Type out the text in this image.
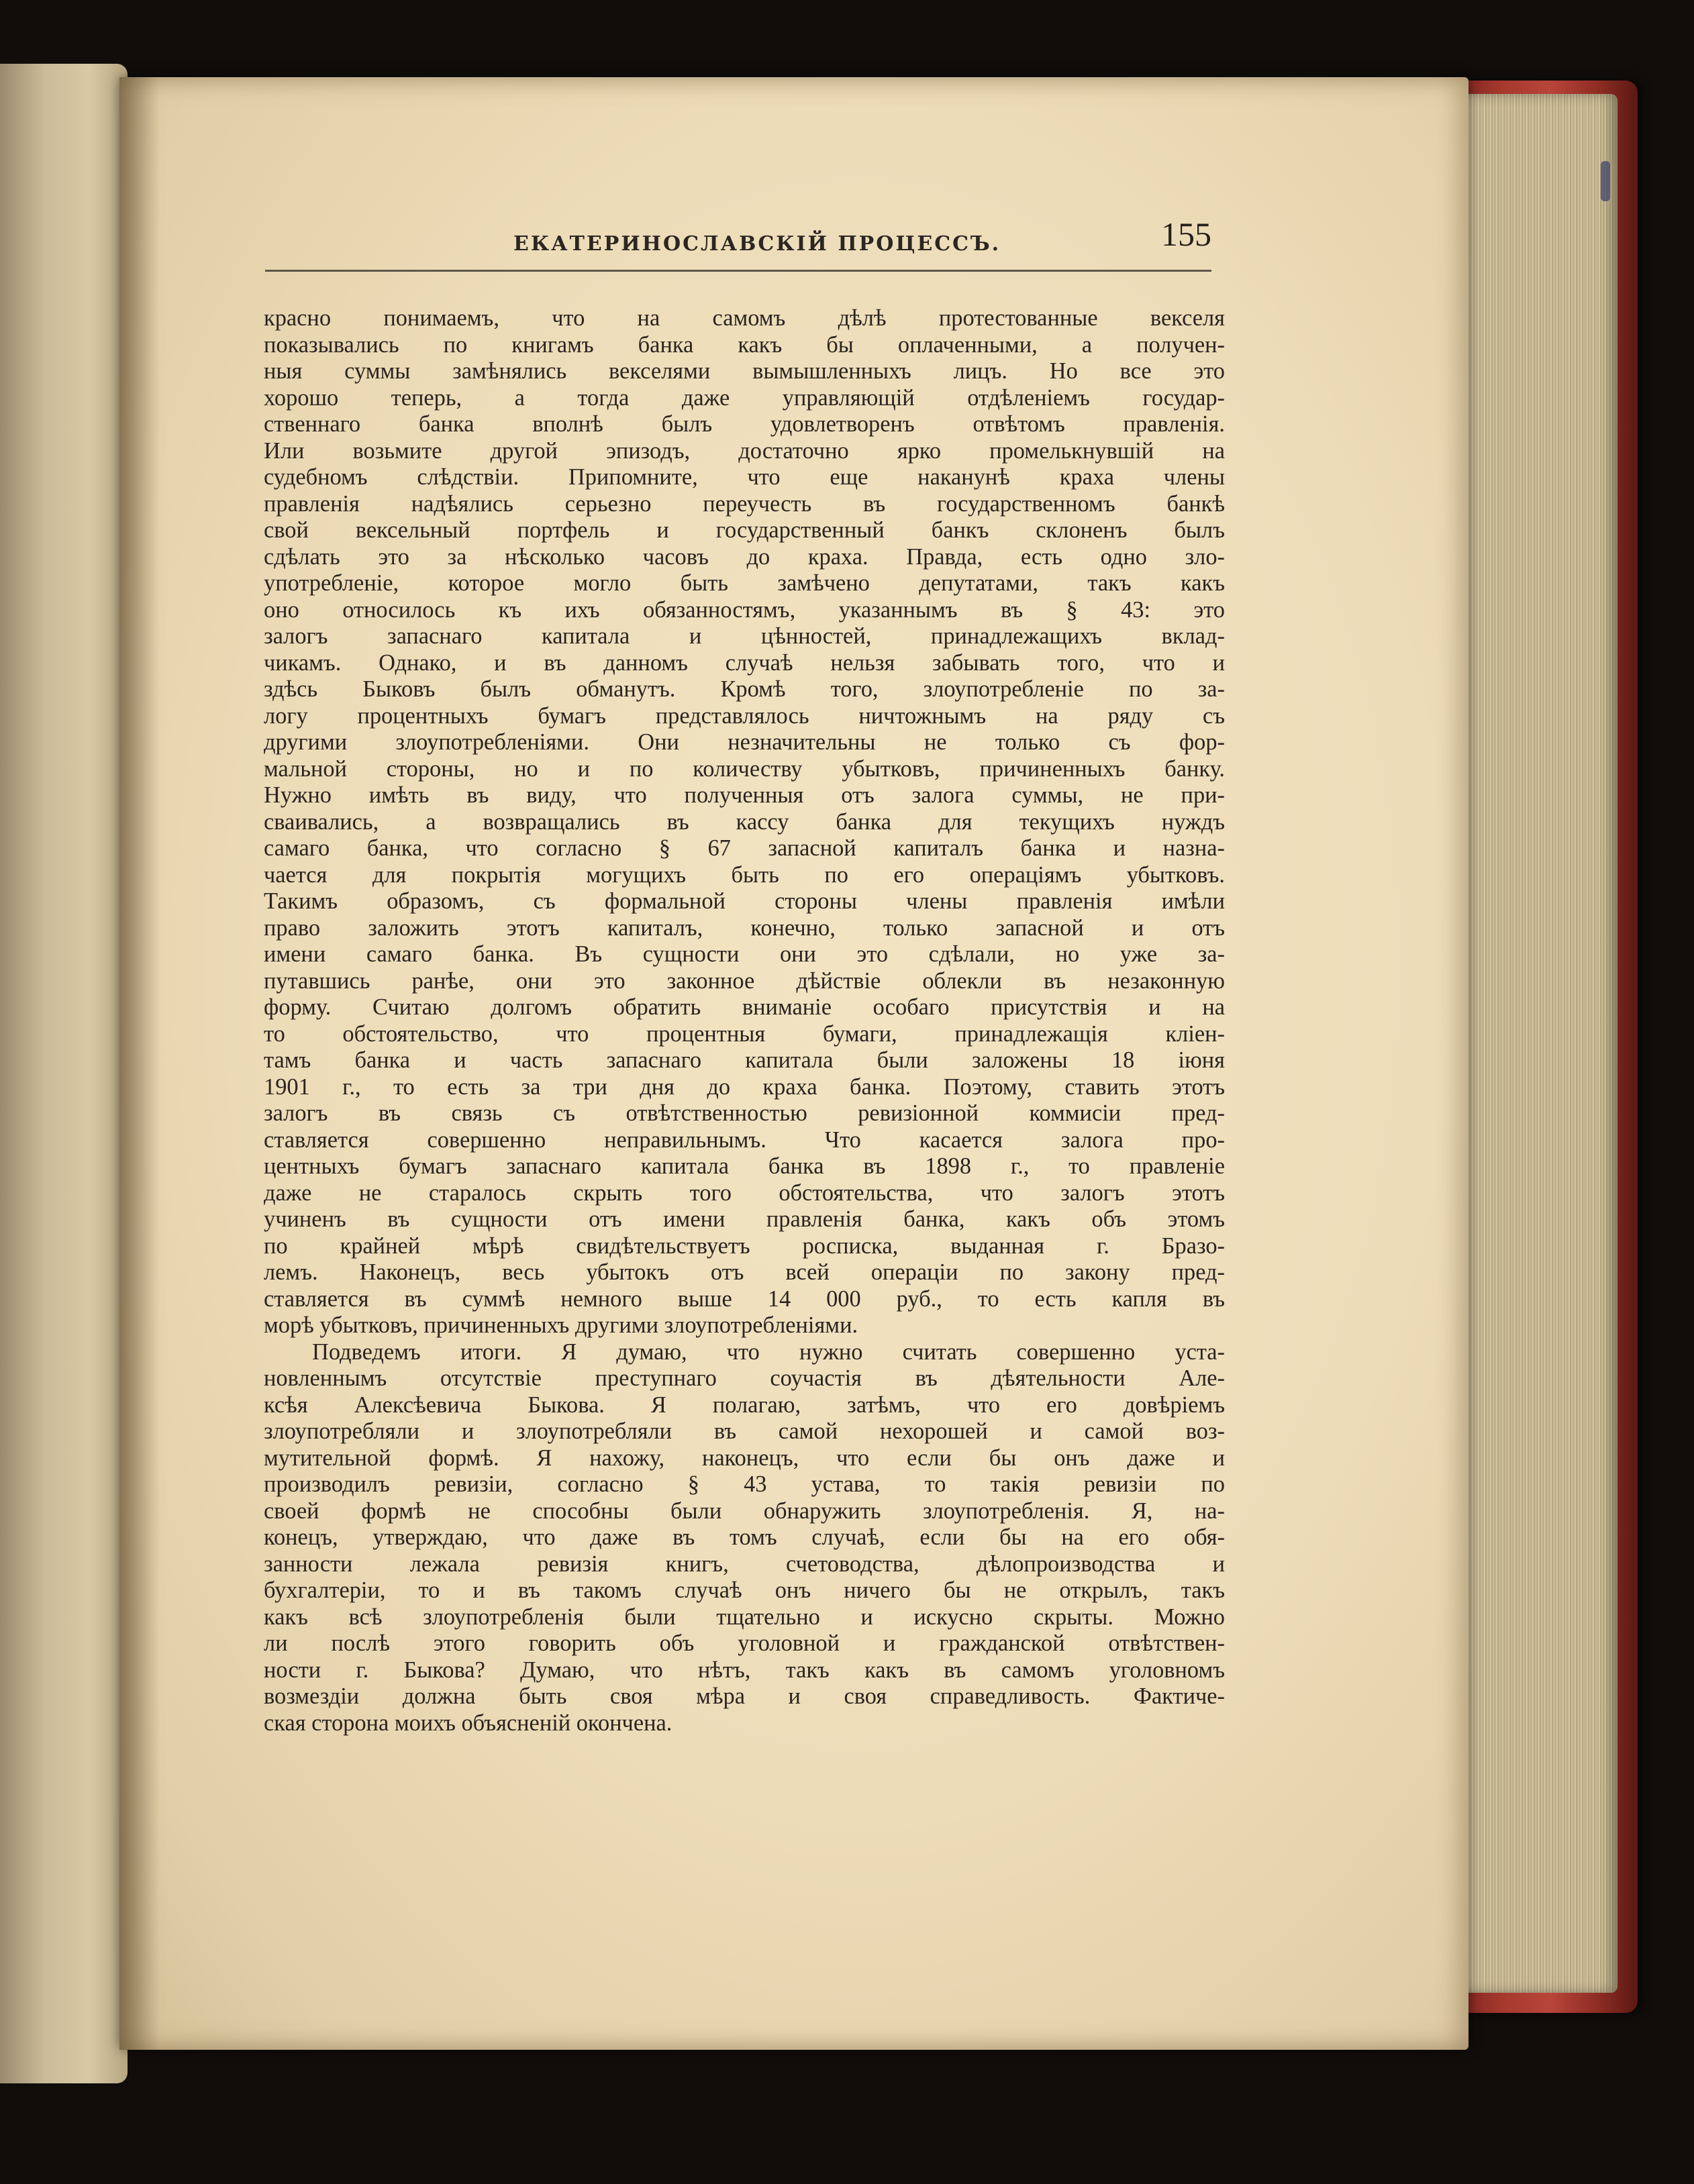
ЕКАТЕРИНОСЛАВСКІЙ ПРОЦЕССЪ.	155
красно понимаемъ, что на самомъ дѣлѣ протестованные векселя
показывались по книгамъ банка какъ бы оплаченными, а получен-
ныя суммы замѣнялись векселями вымышленныхъ лицъ. Но все это
хорошо теперь, а тогда даже управляющій отдѣленіемъ государ-
ственнаго банка вполнѣ былъ удовлетворенъ отвѣтомъ правленія.
Или возьмите другой эпизодъ, достаточно ярко промелькнувшій на
судебномъ слѣдствіи. Припомните, что еще наканунѣ краха члены
правленія надѣялись серьезно переучесть въ государственномъ банкѣ
свой вексельный портфель и государственный банкъ склоненъ былъ
сдѣлать это за нѣсколько часовъ до краха. Правда, есть одно зло-
употребленіе, которое могло быть замѣчено депутатами, такъ какъ
оно относилось къ ихъ обязанностямъ, указаннымъ въ § 43: это
залогъ запаснаго капитала и цѣнностей, принадлежащихъ вклад-
чикамъ. Однако, и въ данномъ случаѣ нельзя забывать того, что и
здѣсь Быковъ былъ обманутъ. Кромѣ того, злоупотребленіе по за-
логу процентныхъ бумагъ представлялось ничтожнымъ на ряду съ
другими злоупотребленіями. Они незначительны не только съ фор-
мальной стороны, но и по количеству убытковъ, причиненныхъ банку.
Нужно имѣть въ виду, что полученныя отъ залога суммы, не при-
сваивались, а возвращались въ кассу банка для текущихъ нуждъ
самаго банка, что согласно § 67 запасной капиталъ банка и назна-
чается для покрытія могущихъ быть по его операціямъ убытковъ.
Такимъ образомъ, съ формальной стороны члены правленія имѣли
право заложить этотъ капиталъ, конечно, только запасной и отъ
имени самаго банка. Въ сущности они это сдѣлали, но уже за-
путавшись ранѣе, они это законное дѣйствіе облекли въ незаконную
форму. Считаю долгомъ обратить вниманіе особаго присутствія и на
то обстоятельство, что процентныя бумаги, принадлежащія кліен-
тамъ банка и часть запаснаго капитала были заложены 18 іюня
1901 г., то есть за три дня до краха банка. Поэтому, ставить этотъ
залогъ въ связь съ отвѣтственностью ревизіонной коммисіи пред-
ставляется совершенно неправильнымъ. Что касается залога про-
центныхъ бумагъ запаснаго капитала банка въ 1898 г., то правленіе
даже не старалось скрыть того обстоятельства, что залогъ этотъ
учиненъ въ сущности отъ имени правленія банка, какъ объ этомъ
по крайней мѣрѣ свидѣтельствуетъ росписка, выданная г. Бразо-
лемъ. Наконецъ, весь убытокъ отъ всей операціи по закону пред-
ставляется въ суммѣ немного выше 14 000 руб., то есть капля въ
морѣ убытковъ, причиненныхъ другими злоупотребленіями.
Подведемъ итоги. Я думаю, что нужно считать совершенно уста-
новленнымъ отсутствіе преступнаго соучастія въ дѣятельности Але-
ксѣя Алексѣевича Быкова. Я полагаю, затѣмъ, что его довѣріемъ
злоупотребляли и злоупотребляли въ самой нехорошей и самой воз-
мутительной формѣ. Я нахожу, наконецъ, что если бы онъ даже и
производилъ ревизіи, согласно § 43 устава, то такія ревизіи по
своей формѣ не способны были обнаружить злоупотребленія. Я, на-
конецъ, утверждаю, что даже въ томъ случаѣ, если бы на его обя-
занности лежала ревизія книгъ, счетоводства, дѣлопроизводства и
бухгалтеріи, то и въ такомъ случаѣ онъ ничего бы не открылъ, такъ
какъ всѣ злоупотребленія были тщательно и искусно скрыты. Можно
ли послѣ этого говорить объ уголовной и гражданской отвѣтствен-
ности г. Быкова? Думаю, что нѣтъ, такъ какъ въ самомъ уголовномъ
возмездіи должна быть своя мѣра и своя справедливость. Фактиче-
ская сторона моихъ объясненій окончена.
